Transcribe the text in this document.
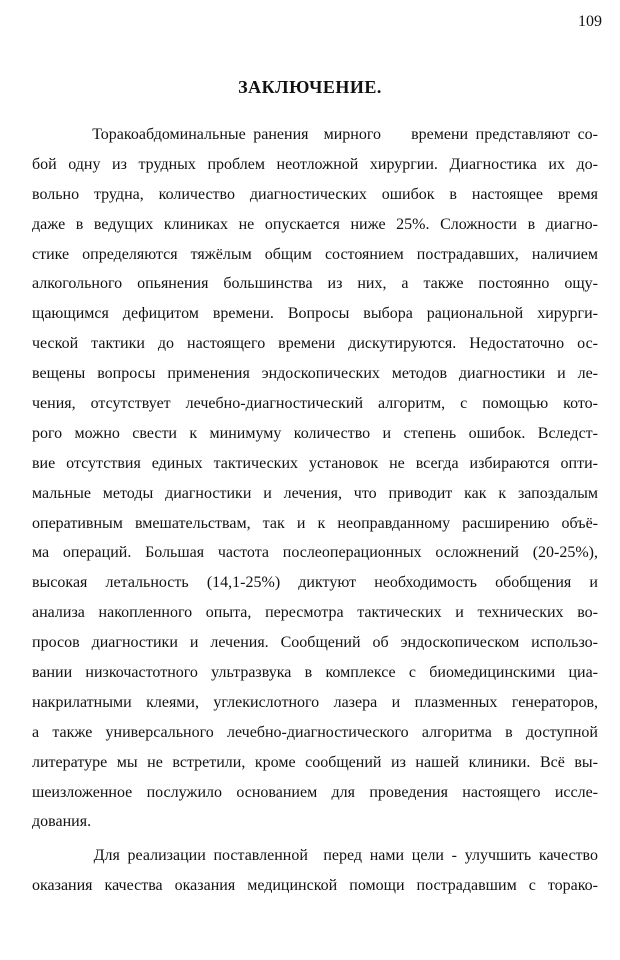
109
ЗАКЛЮЧЕНИЕ.
Торакоабдоминальные ранения  мирного    времени представляют со-
бой одну из трудных проблем неотложной хирургии. Диагностика их до-
вольно трудна, количество диагностических ошибок в настоящее время
даже в ведущих клиниках не опускается ниже 25%. Сложности в диагно-
стике определяются тяжёлым общим состоянием пострадавших, наличием
алкогольного опьянения большинства из них, а также постоянно ощу-
щающимся дефицитом времени. Вопросы выбора рациональной хирурги-
ческой тактики до настоящего времени дискутируются. Недостаточно ос-
вещены вопросы применения эндоскопических методов диагностики и ле-
чения, отсутствует лечебно-диагностический алгоритм, с помощью кото-
рого можно свести к минимуму количество и степень ошибок. Вследст-
вие отсутствия единых тактических установок не всегда избираются опти-
мальные методы диагностики и лечения, что приводит как к запоздалым
оперативным вмешательствам, так и к неоправданному расширению объё-
ма операций. Большая частота послеоперационных осложнений (20-25%),
высокая летальность (14,1-25%) диктуют необходимость обобщения и
анализа накопленного опыта, пересмотра тактических и технических во-
просов диагностики и лечения. Сообщений об эндоскопическом использо-
вании низкочастотного ультразвука в комплексе с биомедицинскими циа-
накрилатными клеями, углекислотного лазера и плазменных генераторов,
а также универсального лечебно-диагностического алгоритма в доступной
литературе мы не встретили, кроме сообщений из нашей клиники. Всё вы-
шеизложенное послужило основанием для проведения настоящего иссле-
дования.
Для реализации поставленной  перед нами цели - улучшить качество
оказания качества оказания медицинской помощи пострадавшим с торако-
